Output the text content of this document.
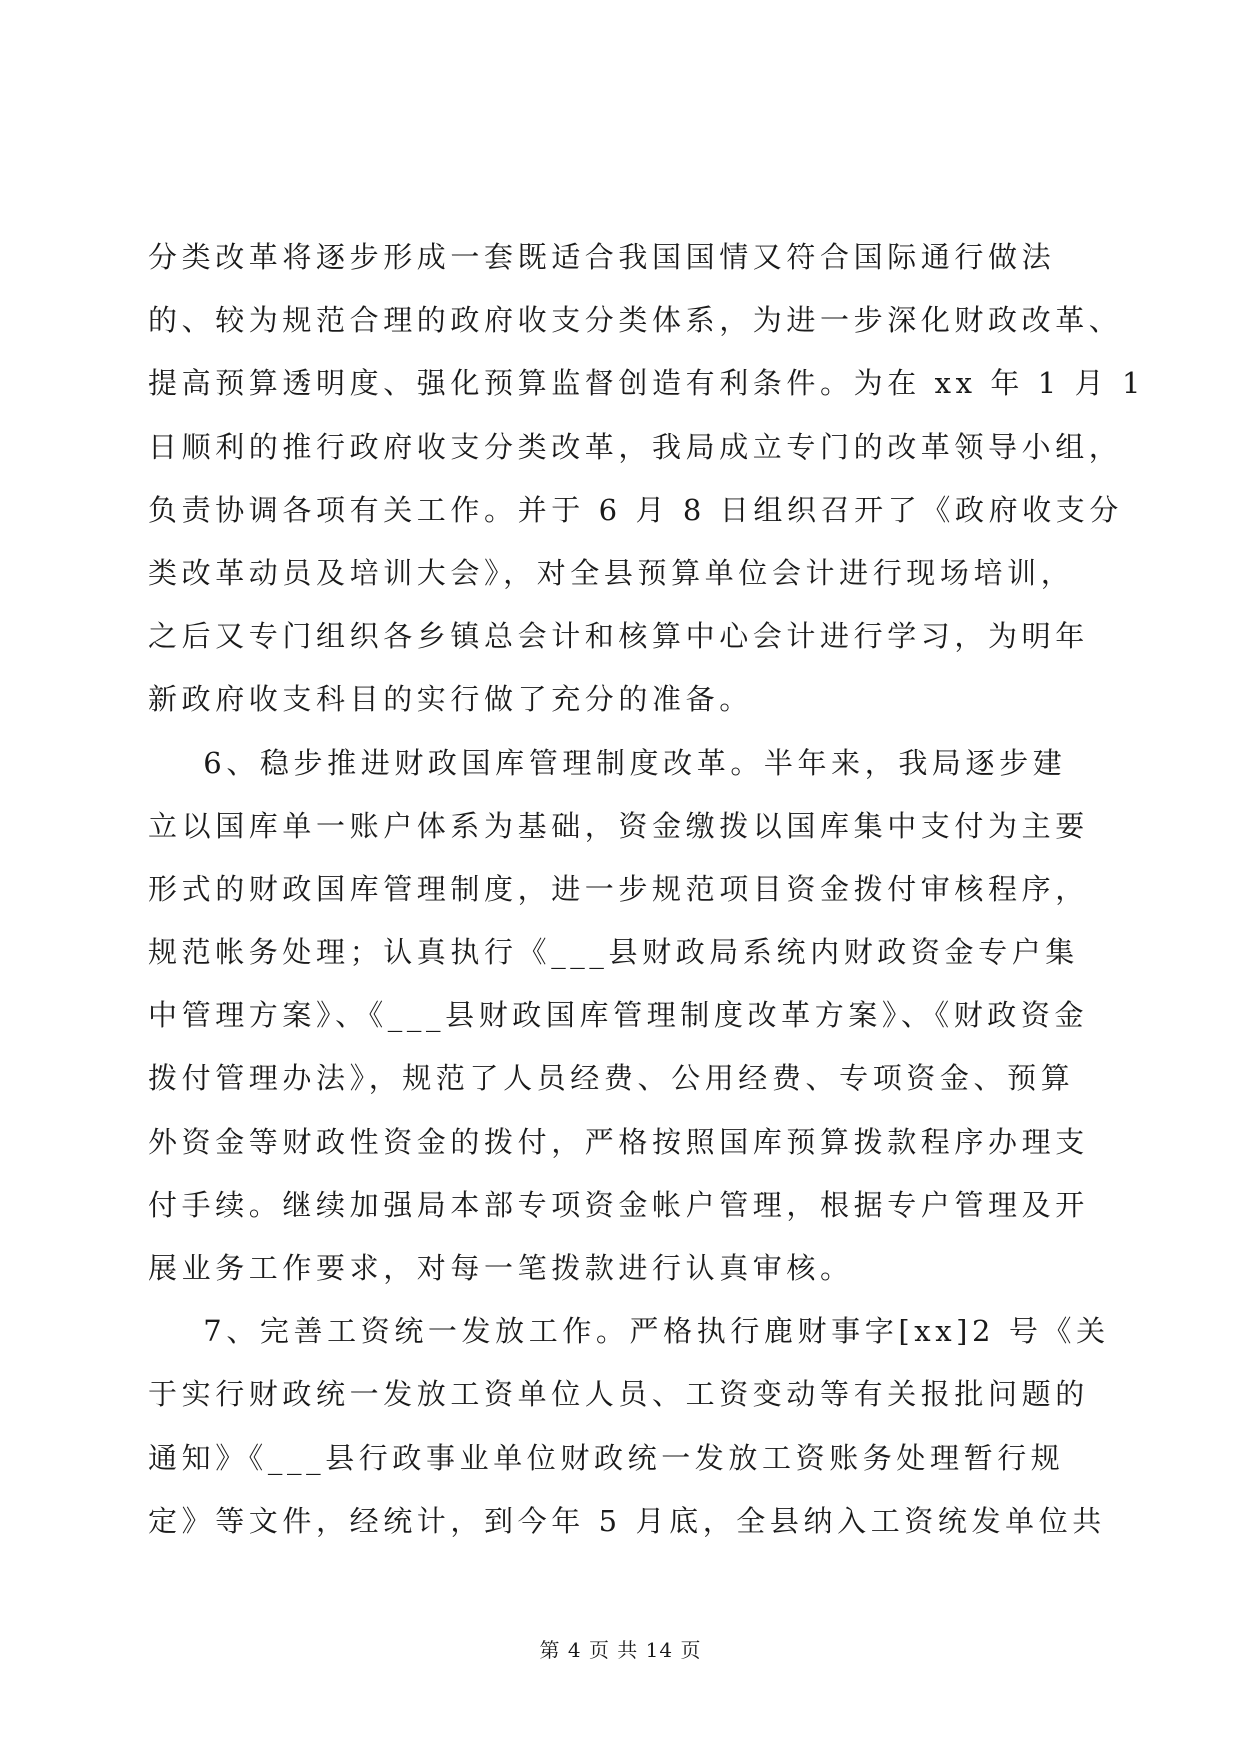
分类改革将逐步形成一套既适合我国国情又符合国际通行做法
的、较为规范合理的政府收支分类体系，为进一步深化财政改革、
提高预算透明度、强化预算监督创造有利条件。为在 xx 年 1 月 1
日顺利的推行政府收支分类改革，我局成立专门的改革领导小组，
负责协调各项有关工作。并于 6 月 8 日组织召开了《政府收支分
类改革动员及培训大会》，对全县预算单位会计进行现场培训，
之后又专门组织各乡镇总会计和核算中心会计进行学习，为明年
新政府收支科目的实行做了充分的准备。
6、稳步推进财政国库管理制度改革。半年来，我局逐步建
立以国库单一账户体系为基础，资金缴拨以国库集中支付为主要
形式的财政国库管理制度，进一步规范项目资金拨付审核程序，
规范帐务处理；认真执行《___县财政局系统内财政资金专户集
中管理方案》、《___县财政国库管理制度改革方案》、《财政资金
拨付管理办法》，规范了人员经费、公用经费、专项资金、预算
外资金等财政性资金的拨付，严格按照国库预算拨款程序办理支
付手续。继续加强局本部专项资金帐户管理，根据专户管理及开
展业务工作要求，对每一笔拨款进行认真审核。
7、完善工资统一发放工作。严格执行鹿财事字[xx]2 号《关
于实行财政统一发放工资单位人员、工资变动等有关报批问题的
通知》《___县行政事业单位财政统一发放工资账务处理暂行规
定》等文件，经统计，到今年 5 月底，全县纳入工资统发单位共
第 4 页 共 14 页
